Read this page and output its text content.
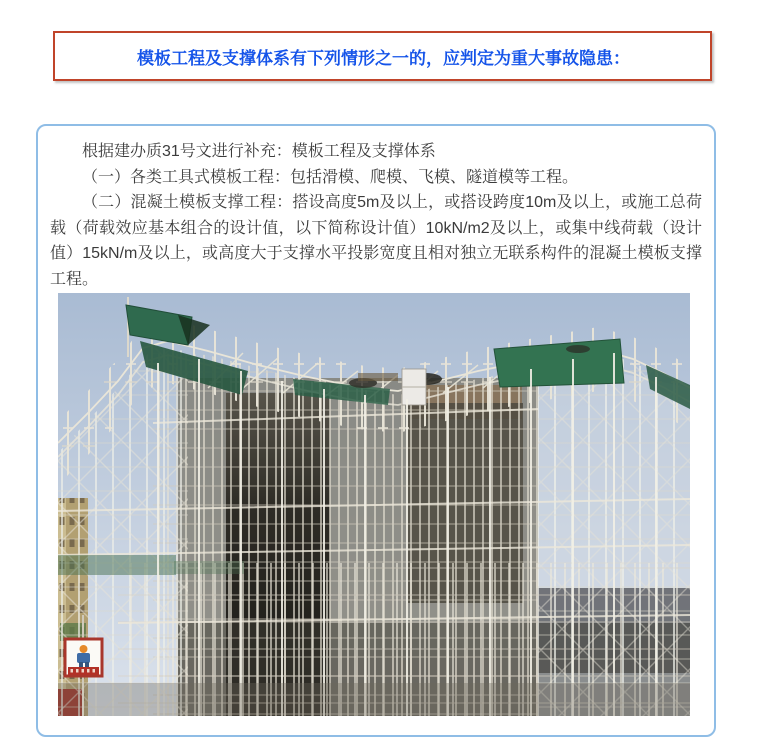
模板工程及支撑体系有下列情形之一的，应判定为重大事故隐患：

根据建办质31号文进行补充：模板工程及支撑体系

（一）各类工具式模板工程：包括滑模、爬模、飞模、隧道模等工程。

（二）混凝土模板支撑工程：搭设高度5m及以上，或搭设跨度10m及以上，或施工总荷载（荷载效应基本组合的设计值，以下简称设计值）10kN/m2及以上，或集中线荷载（设计值）15kN/m及以上，或高度大于支撑水平投影宽度且相对独立无联系构件的混凝土模板支撑工程。
